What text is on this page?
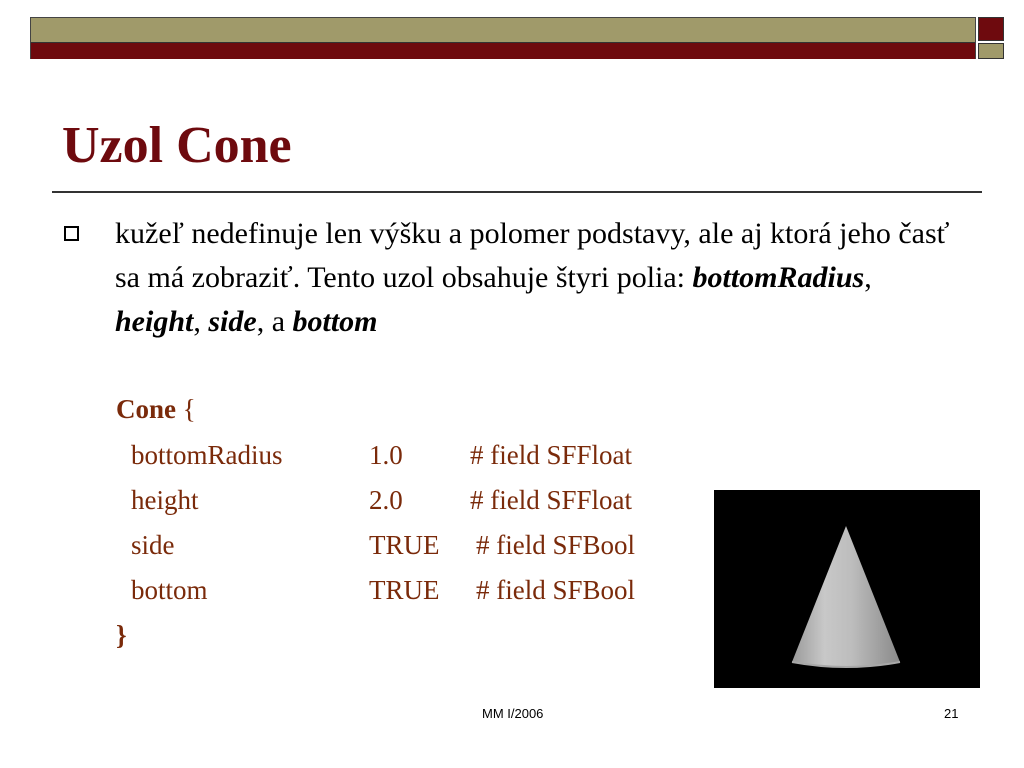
Uzol Cone
kužeľ nedefinuje len výšku a polomer podstavy, ale aj ktorá jeho časť sa má zobraziť. Tento uzol obsahuje štyri polia: bottomRadius, height, side, a bottom
Cone {
bottomRadius	1.0 # field SFFloat
height	2.0 # field SFFloat
side	TRUE # field SFBool
bottom	TRUE # field SFBool
}
MM I/2006	21
